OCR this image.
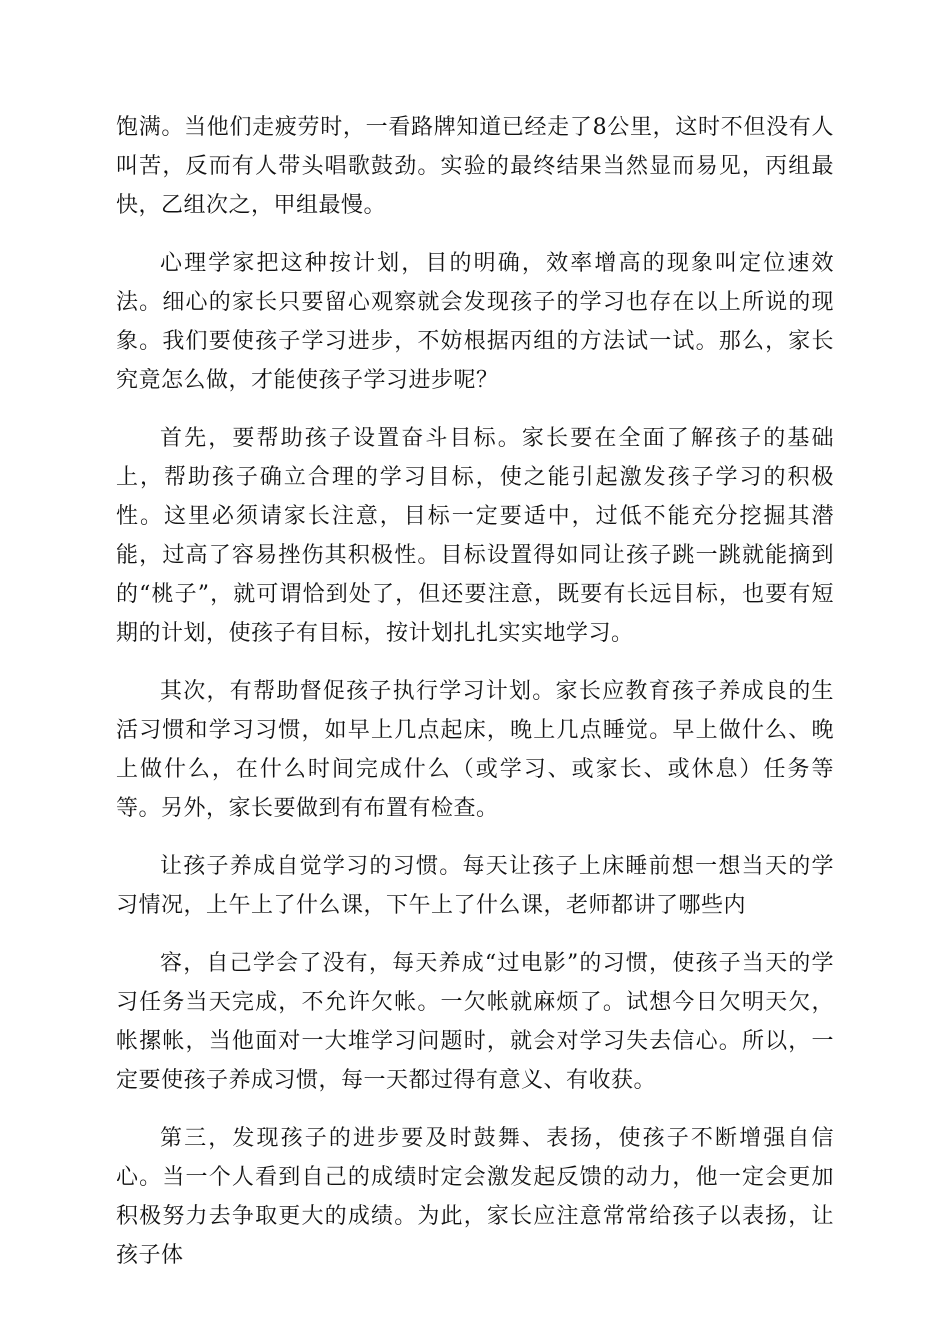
饱满。当他们走疲劳时，一看路牌知道已经走了8公里，这时不但没有人叫苦，反而有人带头唱歌鼓劲。实验的最终结果当然显而易见，丙组最快，乙组次之，甲组最慢。

心理学家把这种按计划，目的明确，效率增高的现象叫定位速效法。细心的家长只要留心观察就会发现孩子的学习也存在以上所说的现象。我们要使孩子学习进步，不妨根据丙组的方法试一试。那么，家长究竟怎么做，才能使孩子学习进步呢？

首先，要帮助孩子设置奋斗目标。家长要在全面了解孩子的基础上，帮助孩子确立合理的学习目标，使之能引起激发孩子学习的积极性。这里必须请家长注意，目标一定要适中，过低不能充分挖掘其潜能，过高了容易挫伤其积极性。目标设置得如同让孩子跳一跳就能摘到的“桃子”，就可谓恰到处了，但还要注意，既要有长远目标，也要有短期的计划，使孩子有目标，按计划扎扎实实地学习。

其次，有帮助督促孩子执行学习计划。家长应教育孩子养成良的生活习惯和学习习惯，如早上几点起床，晚上几点睡觉。早上做什么、晚上做什么，在什么时间完成什么（或学习、或家长、或休息）任务等等。另外，家长要做到有布置有检查。

让孩子养成自觉学习的习惯。每天让孩子上床睡前想一想当天的学习情况，上午上了什么课，下午上了什么课，老师都讲了哪些内

容，自己学会了没有，每天养成“过电影”的习惯，使孩子当天的学习任务当天完成，不允许欠帐。一欠帐就麻烦了。试想今日欠明天欠，帐摞帐，当他面对一大堆学习问题时，就会对学习失去信心。所以，一定要使孩子养成习惯，每一天都过得有意义、有收获。

第三，发现孩子的进步要及时鼓舞、表扬，使孩子不断增强自信心。当一个人看到自己的成绩时定会激发起反馈的动力，他一定会更加积极努力去争取更大的成绩。为此，家长应注意常常给孩子以表扬，让孩子体
